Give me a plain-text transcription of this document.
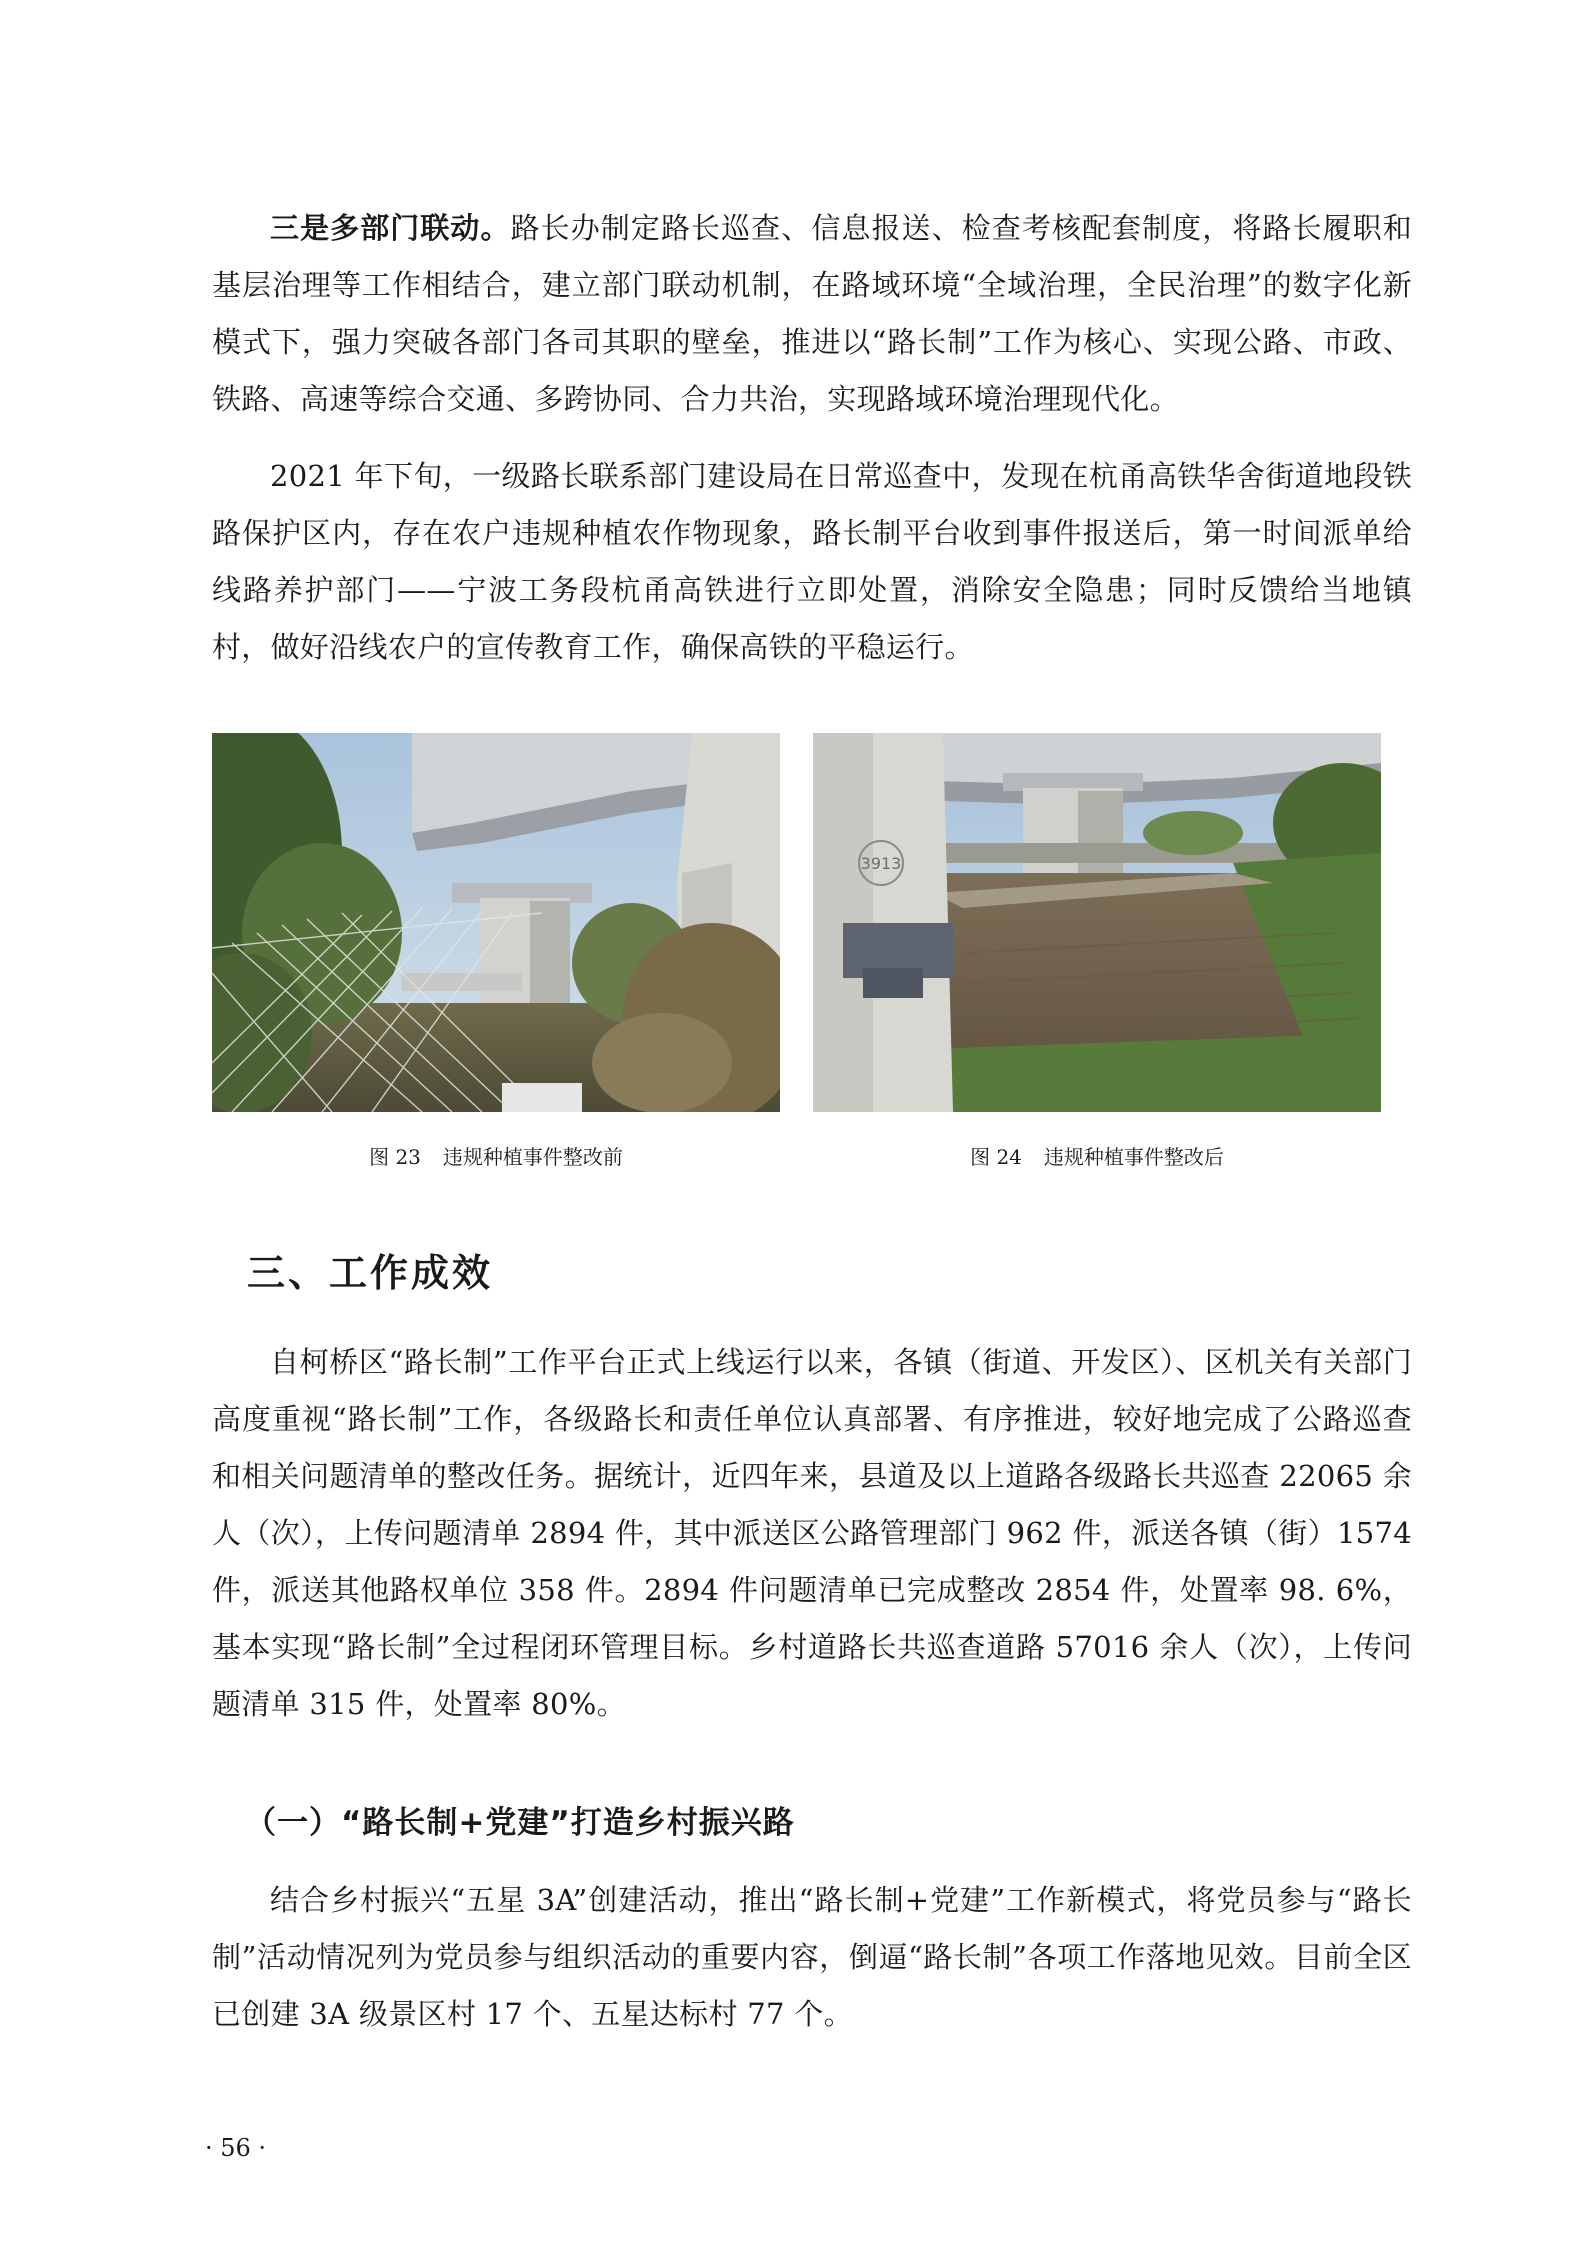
三是多部门联动。路长办制定路长巡查、信息报送、检查考核配套制度，将路长履职和基层治理等工作相结合，建立部门联动机制，在路域环境“全域治理，全民治理”的数字化新模式下，强力突破各部门各司其职的壁垒，推进以“路长制”工作为核心、实现公路、市政、铁路、高速等综合交通、多跨协同、合力共治，实现路域环境治理现代化。

2021 年下旬，一级路长联系部门建设局在日常巡查中，发现在杭甬高铁华舍街道地段铁路保护区内，存在农户违规种植农作物现象，路长制平台收到事件报送后，第一时间派单给线路养护部门——宁波工务段杭甬高铁进行立即处置，消除安全隐患；同时反馈给当地镇村，做好沿线农户的宣传教育工作，确保高铁的平稳运行。

3913
图 23 违规种植事件整改前	图 24 违规种植事件整改后
三、工作成效

自柯桥区“路长制”工作平台正式上线运行以来，各镇（街道、开发区）、区机关有关部门高度重视“路长制”工作，各级路长和责任单位认真部署、有序推进，较好地完成了公路巡查和相关问题清单的整改任务。据统计，近四年来，县道及以上道路各级路长共巡查 22065 余人（次），上传问题清单 2894 件，其中派送区公路管理部门 962 件，派送各镇（街）1574 件，派送其他路权单位 358 件。2894 件问题清单已完成整改 2854 件，处置率 98. 6%，基本实现“路长制”全过程闭环管理目标。乡村道路长共巡查道路 57016 余人（次），上传问题清单 315 件，处置率 80%。

（一）“路长制+党建”打造乡村振兴路

结合乡村振兴“五星 3A”创建活动，推出“路长制+党建”工作新模式，将党员参与“路长制”活动情况列为党员参与组织活动的重要内容，倒逼“路长制”各项工作落地见效。目前全区已创建 3A 级景区村 17 个、五星达标村 77 个。

· 56 ·
